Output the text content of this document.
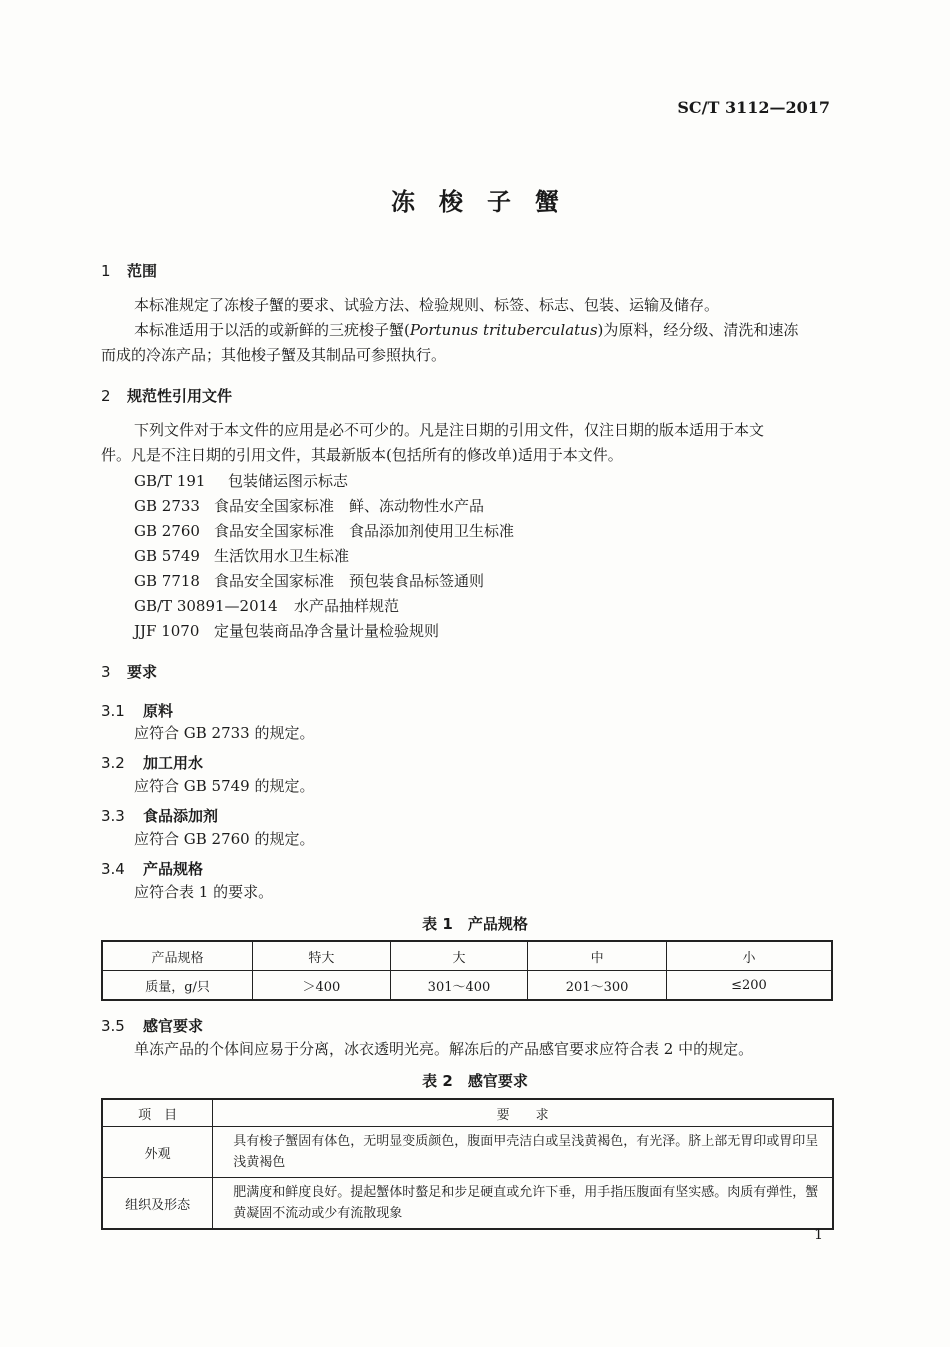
SC/T 3112—2017
冻梭子蟹
1 范围
本标准规定了冻梭子蟹的要求、试验方法、检验规则、标签、标志、包装、运输及储存。
本标准适用于以活的或新鲜的三疣梭子蟹(Portunus trituberculatus)为原料，经分级、清洗和速冻
而成的冷冻产品；其他梭子蟹及其制品可参照执行。
2 规范性引用文件
下列文件对于本文件的应用是必不可少的。凡是注日期的引用文件，仅注日期的版本适用于本文
件。凡是不注日期的引用文件，其最新版本(包括所有的修改单)适用于本文件。
GB/T 191 包装储运图示标志
GB 2733 食品安全国家标准　鲜、冻动物性水产品
GB 2760 食品安全国家标准　食品添加剂使用卫生标准
GB 5749 生活饮用水卫生标准
GB 7718 食品安全国家标准　预包装食品标签通则
GB/T 30891—2014 水产品抽样规范
JJF 1070 定量包装商品净含量计量检验规则
3 要求
3.1 原料
应符合 GB 2733 的规定。
3.2 加工用水
应符合 GB 5749 的规定。
3.3 食品添加剂
应符合 GB 2760 的规定。
3.4 产品规格
应符合表 1 的要求。
表 1　产品规格
产品规格	特大	大	中	小
质量，g/只	＞400	301～400	201～300	≤200
3.5 感官要求
单冻产品的个体间应易于分离，冰衣透明光亮。解冻后的产品感官要求应符合表 2 中的规定。
表 2　感官要求
项　目	要　　求
外观	具有梭子蟹固有体色，无明显变质颜色，腹面甲壳洁白或呈浅黄褐色，有光泽。脐上部无胃印或胃印呈浅黄褐色
组织及形态	肥满度和鲜度良好。提起蟹体时螯足和步足硬直或允许下垂，用手指压腹面有坚实感。肉质有弹性，蟹黄凝固不流动或少有流散现象
1
